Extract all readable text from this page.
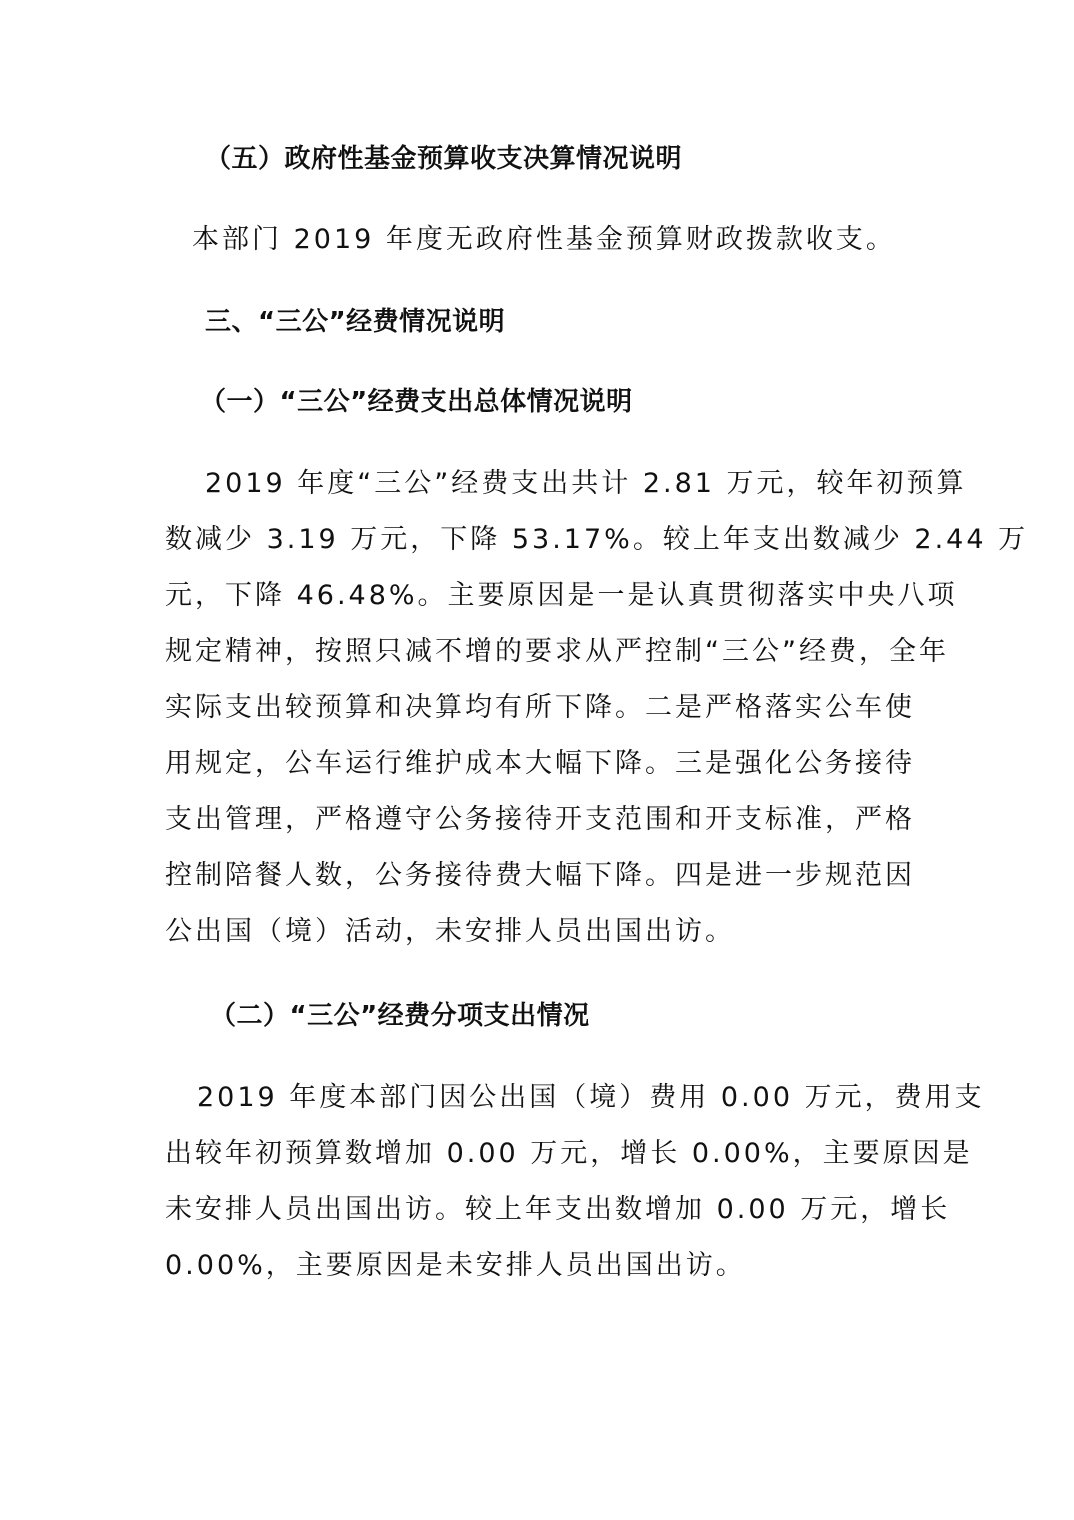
（五）政府性基金预算收支决算情况说明
本部门 2019 年度无政府性基金预算财政拨款收支。
三、“三公”经费情况说明
（一）“三公”经费支出总体情况说明
2019 年度“三公”经费支出共计 2.81 万元，较年初预算
数减少 3.19 万元，下降 53.17%。较上年支出数减少 2.44 万
元，下降 46.48%。主要原因是一是认真贯彻落实中央八项
规定精神，按照只减不增的要求从严控制“三公”经费，全年
实际支出较预算和决算均有所下降。二是严格落实公车使
用规定，公车运行维护成本大幅下降。三是强化公务接待
支出管理，严格遵守公务接待开支范围和开支标准，严格
控制陪餐人数，公务接待费大幅下降。四是进一步规范因
公出国（境）活动，未安排人员出国出访。
（二）“三公”经费分项支出情况
2019 年度本部门因公出国（境）费用 0.00 万元，费用支
出较年初预算数增加 0.00 万元，增长 0.00%，主要原因是
未安排人员出国出访。较上年支出数增加 0.00 万元，增长
0.00%，主要原因是未安排人员出国出访。
